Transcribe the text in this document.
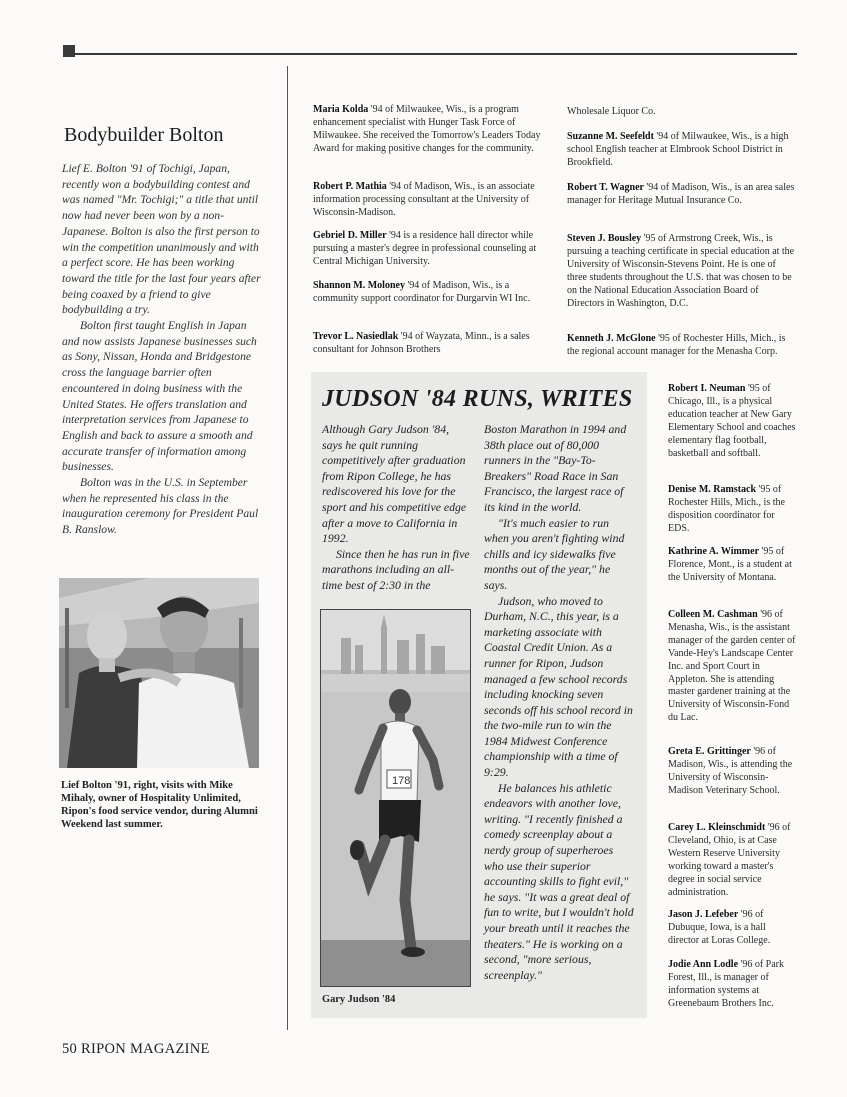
Bodybuilder Bolton

Lief E. Bolton '91 of Tochigi, Japan, recently won a bodybuilding contest and was named "Mr. Tochigi;" a title that until now had never been won by a non-Japanese. Bolton is also the first person to win the competition unanimously and with a perfect score. He has been working toward the title for the last four years after being coaxed by a friend to give bodybuilding a try.

Bolton first taught English in Japan and now assists Japanese businesses such as Sony, Nissan, Honda and Bridgestone cross the language barrier often encountered in doing business with the United States. He offers translation and interpretation services from Japanese to English and back to assure a smooth and accurate transfer of information among businesses.

Bolton was in the U.S. in September when he represented his class in the inauguration ceremony for President Paul B. Ranslow.

Lief Bolton '91, right, visits with Mike Mihaly, owner of Hospitality Unlimited, Ripon's food service vendor, during Alumni Weekend last summer.
Maria Kolda '94 of Milwaukee, Wis., is a program enhancement specialist with Hunger Task Force of Milwaukee. She received the Tomorrow's Leaders Today Award for making positive changes for the community.
Robert P. Mathia '94 of Madison, Wis., is an associate information processing consultant at the University of Wisconsin-Madison.
Gebriel D. Miller '94 is a residence hall director while pursuing a master's degree in professional counseling at Central Michigan University.
Shannon M. Moloney '94 of Madison, Wis., is a community support coordinator for Durgarvin WI Inc.
Trevor L. Nasiedlak '94 of Wayzata, Minn., is a sales consultant for Johnson Brothers
Wholesale Liquor Co.
Suzanne M. Seefeldt '94 of Milwaukee, Wis., is a high school English teacher at Elmbrook School District in Brookfield.
Robert T. Wagner '94 of Madison, Wis., is an area sales manager for Heritage Mutual Insurance Co.
Steven J. Bousley '95 of Armstrong Creek, Wis., is pursuing a teaching certificate in special education at the University of Wisconsin-Stevens Point. He is one of three students throughout the U.S. that was chosen to be on the National Education Association Board of Directors in Washington, D.C.
Kenneth J. McGlone '95 of Rochester Hills, Mich., is the regional account manager for the Menasha Corp.
Robert I. Neuman '95 of Chicago, Ill., is a physical education teacher at New Gary Elementary School and coaches elementary flag football, basketball and softball.
Denise M. Ramstack '95 of Rochester Hills, Mich., is the disposition coordinator for EDS.
Kathrine A. Wimmer '95 of Florence, Mont., is a student at the University of Montana.
Colleen M. Cashman '96 of Menasha, Wis., is the assistant manager of the garden center of Vande-Hey's Landscape Center Inc. and Sport Court in Appleton. She is attending master gardener training at the University of Wisconsin-Fond du Lac.
Greta E. Grittinger '96 of Madison, Wis., is attending the University of Wisconsin-Madison Veterinary School.
Carey L. Kleinschmidt '96 of Cleveland, Ohio, is at Case Western Reserve University working toward a master's degree in social service administration.
Jason J. Lefeber '96 of Dubuque, Iowa, is a hall director at Loras College.
Jodie Ann Lodle '96 of Park Forest, Ill., is manager of information systems at Greenebaum Brothers Inc.
JUDSON '84 RUNS, WRITES

Although Gary Judson '84, says he quit running competitively after graduation from Ripon College, he has rediscovered his love for the sport and his competitive edge after a move to California in 1992.

Since then he has run in five marathons including an all-time best of 2:30 in the

Boston Marathon in 1994 and 38th place out of 80,000 runners in the "Bay-To-Breakers" Road Race in San Francisco, the largest race of its kind in the world.

"It's much easier to run when you aren't fighting wind chills and icy sidewalks five months out of the year," he says.

Judson, who moved to Durham, N.C., this year, is a marketing associate with Coastal Credit Union. As a runner for Ripon, Judson managed a few school records including knocking seven seconds off his school record in the two-mile run to win the 1984 Midwest Conference championship with a time of 9:29.

He balances his athletic endeavors with another love, writing. "I recently finished a comedy screenplay about a nerdy group of superheroes who use their superior accounting skills to fight evil," he says. "It was a great deal of fun to write, but I wouldn't hold your breath until it reaches the theaters." He is working on a second, "more serious, screenplay."

178
Gary Judson '84
50 RIPON MAGAZINE
